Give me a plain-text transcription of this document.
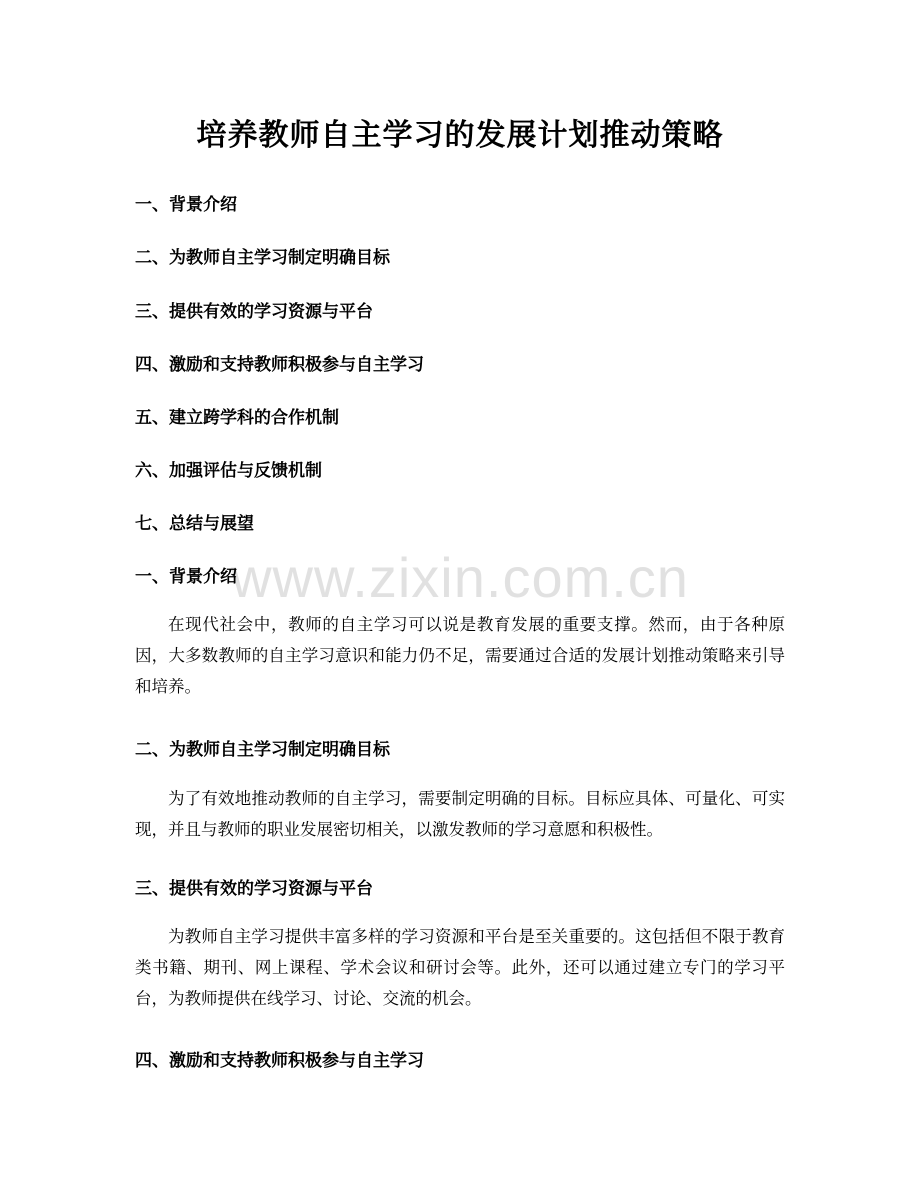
培养教师自主学习的发展计划推动策略

一、背景介绍

二、为教师自主学习制定明确目标

三、提供有效的学习资源与平台

四、激励和支持教师积极参与自主学习

五、建立跨学科的合作机制

六、加强评估与反馈机制

七、总结与展望

www.zixin.com.cn
一、背景介绍

在现代社会中，教师的自主学习可以说是教育发展的重要支撑。然而，由于各种原因，大多数教师的自主学习意识和能力仍不足，需要通过合适的发展计划推动策略来引导和培养。

二、为教师自主学习制定明确目标

为了有效地推动教师的自主学习，需要制定明确的目标。目标应具体、可量化、可实现，并且与教师的职业发展密切相关，以激发教师的学习意愿和积极性。

三、提供有效的学习资源与平台

为教师自主学习提供丰富多样的学习资源和平台是至关重要的。这包括但不限于教育类书籍、期刊、网上课程、学术会议和研讨会等。此外，还可以通过建立专门的学习平台，为教师提供在线学习、讨论、交流的机会。

四、激励和支持教师积极参与自主学习
